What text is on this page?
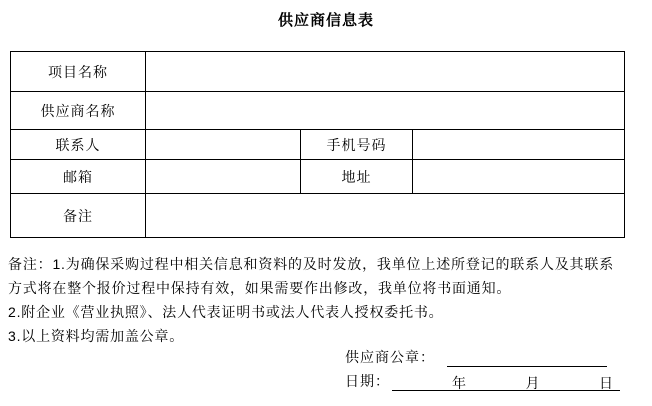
供应商信息表
项目名称			
供应商名称			
联系人		手机号码	
邮箱		地址	
备注			

备注：1.为确保采购过程中相关信息和资料的及时发放，我单位上述所登记的联系人及其联系方式将在整个报价过程中保持有效，如果需要作出修改，我单位将书面通知。

2.附企业《营业执照》、法人代表证明书或法人代表人授权委托书。

3.以上资料均需加盖公章。

供应商公章：
日期：	年	月	日
